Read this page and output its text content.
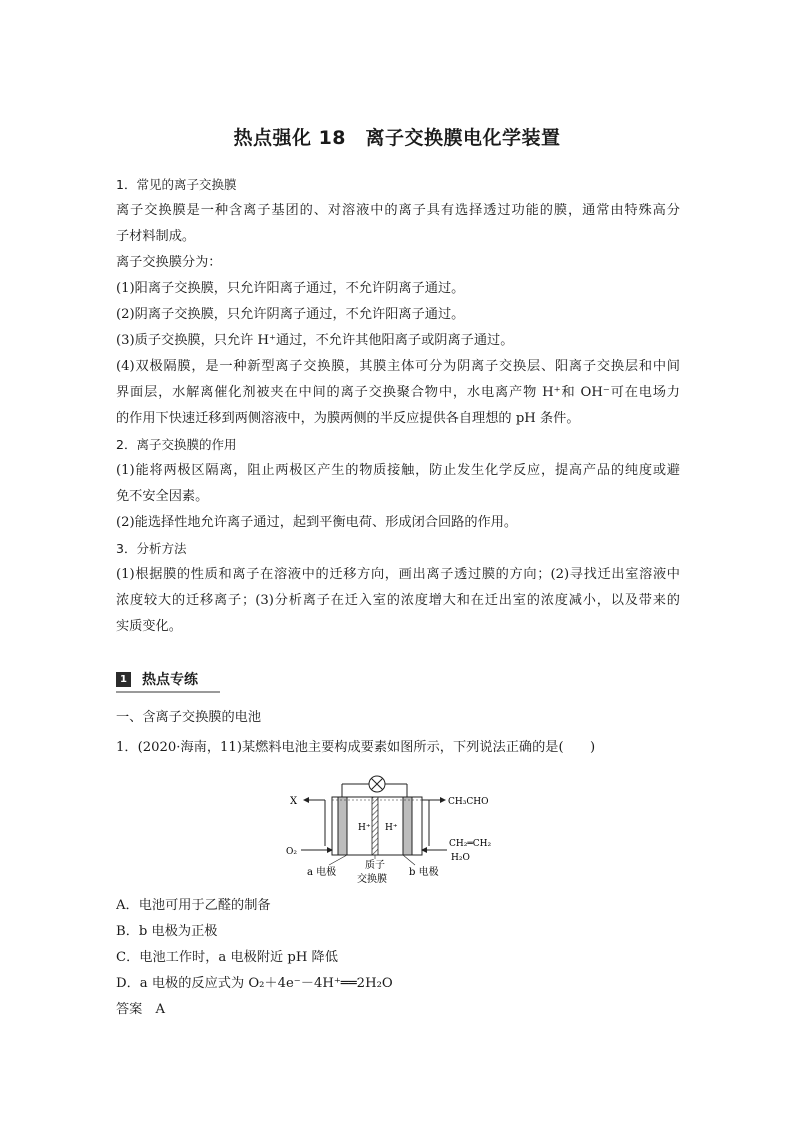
热点强化 18　离子交换膜电化学装置
1．常见的离子交换膜
离子交换膜是一种含离子基团的、对溶液中的离子具有选择透过功能的膜，通常由特殊高分
子材料制成。
离子交换膜分为：
(1)阳离子交换膜，只允许阳离子通过，不允许阴离子通过。
(2)阴离子交换膜，只允许阴离子通过，不允许阳离子通过。
(3)质子交换膜，只允许 H⁺通过，不允许其他阳离子或阴离子通过。
(4)双极隔膜，是一种新型离子交换膜，其膜主体可分为阴离子交换层、阳离子交换层和中间
界面层，水解离催化剂被夹在中间的离子交换聚合物中，水电离产物 H⁺和 OH⁻可在电场力
的作用下快速迁移到两侧溶液中，为膜两侧的半反应提供各自理想的 pH 条件。
2．离子交换膜的作用
(1)能将两极区隔离，阻止两极区产生的物质接触，防止发生化学反应，提高产品的纯度或避
免不安全因素。
(2)能选择性地允许离子通过，起到平衡电荷、形成闭合回路的作用。
3．分析方法
(1)根据膜的性质和离子在溶液中的迁移方向，画出离子透过膜的方向；(2)寻找迁出室溶液中
浓度较大的迁移离子；(3)分析离子在迁入室的浓度增大和在迁出室的浓度减小，以及带来的
实质变化。
1 热点专练
一、含离子交换膜的电池
1．(2020·海南，11)某燃料电池主要构成要素如图所示，下列说法正确的是(　　)
H⁺ H⁺
X
O₂
CH₃CHO
CH₂═CH₂
H₂O
a 电极
质子
交换膜
b 电极
A．电池可用于乙醛的制备
B．b 电极为正极
C．电池工作时，a 电极附近 pH 降低
D．a 电极的反应式为 O₂＋4e⁻－4H⁺══2H₂O
答案　A
